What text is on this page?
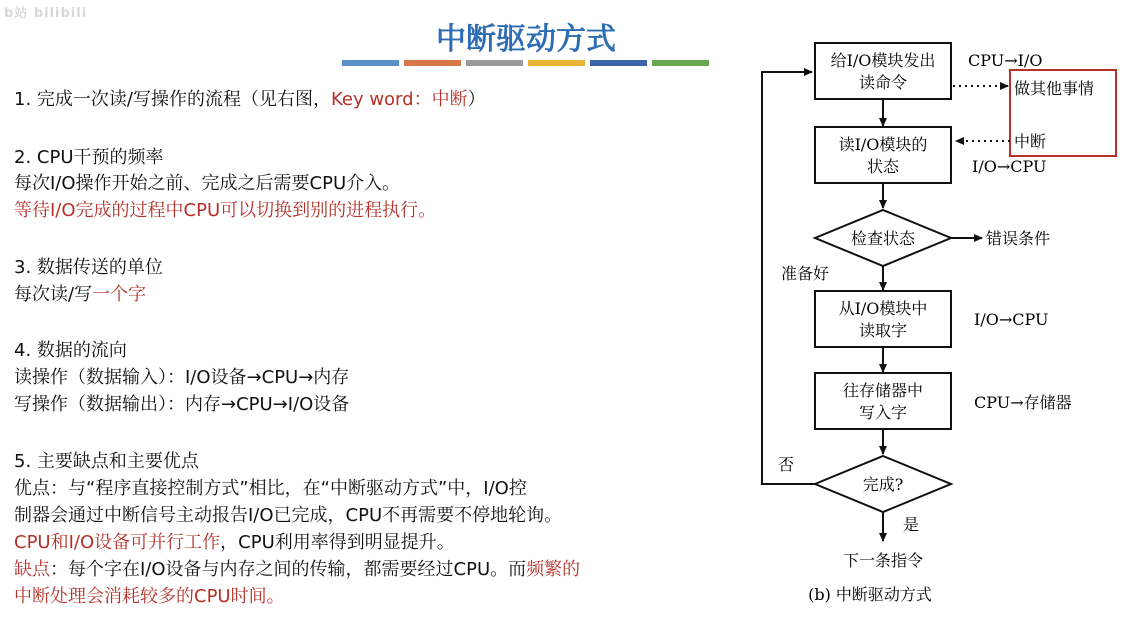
b站 bilibili
中断驱动方式
1. 完成一次读/写操作的流程（见右图，Key word：中断）
2. CPU干预的频率
每次I/O操作开始之前、完成之后需要CPU介入。
等待I/O完成的过程中CPU可以切换到别的进程执行。
3. 数据传送的单位
每次读/写一个字
4. 数据的流向
读操作（数据输入）：I/O设备→CPU→内存
写操作（数据输出）：内存→CPU→I/O设备
5. 主要缺点和主要优点
优点：与“程序直接控制方式”相比，在“中断驱动方式”中，I/O控
制器会通过中断信号主动报告I/O已完成，CPU不再需要不停地轮询。
CPU和I/O设备可并行工作，CPU利用率得到明显提升。
缺点：每个字在I/O设备与内存之间的传输，都需要经过CPU。而频繁的
中断处理会消耗较多的CPU时间。
给I/O模块发出
读命令
CPU→I/O
做其他事情
中断
读I/O模块的
状态	I/O→CPU
检查状态	错误条件
准备好
从I/O模块中
读取字
I/O→CPU
往存储器中
写入字
CPU→存储器
完成?
否
是
下一条指令
(b) 中断驱动方式
